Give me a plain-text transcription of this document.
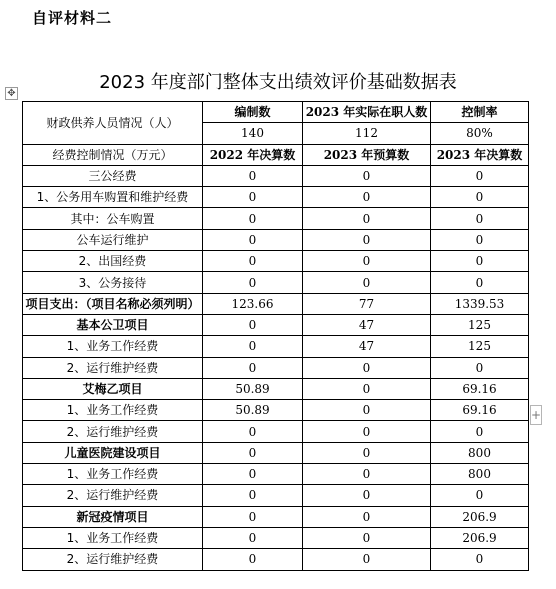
自评材料二
2023 年度部门整体支出绩效评价基础数据表
✥
+
财政供养人员情况（人）	编制数	2023 年实际在职人数	控制率
	140	112	80%
经费控制情况（万元）	2022 年决算数	2023 年预算数	2023 年决算数
三公经费	0	0	0
1、公务用车购置和维护经费	0	0	0
其中：公车购置	0	0	0
公车运行维护	0	0	0
2、出国经费	0	0	0
3、公务接待	0	0	0
项目支出：（项目名称必须列明）	123.66	77	1339.53
基本公卫项目	0	47	125
1、业务工作经费	0	47	125
2、运行维护经费	0	0	0
艾梅乙项目	50.89	0	69.16
1、业务工作经费	50.89	0	69.16
2、运行维护经费	0	0	0
儿童医院建设项目	0	0	800
1、业务工作经费	0	0	800
2、运行维护经费	0	0	0
新冠疫情项目	0	0	206.9
1、业务工作经费	0	0	206.9
2、运行维护经费	0	0	0
